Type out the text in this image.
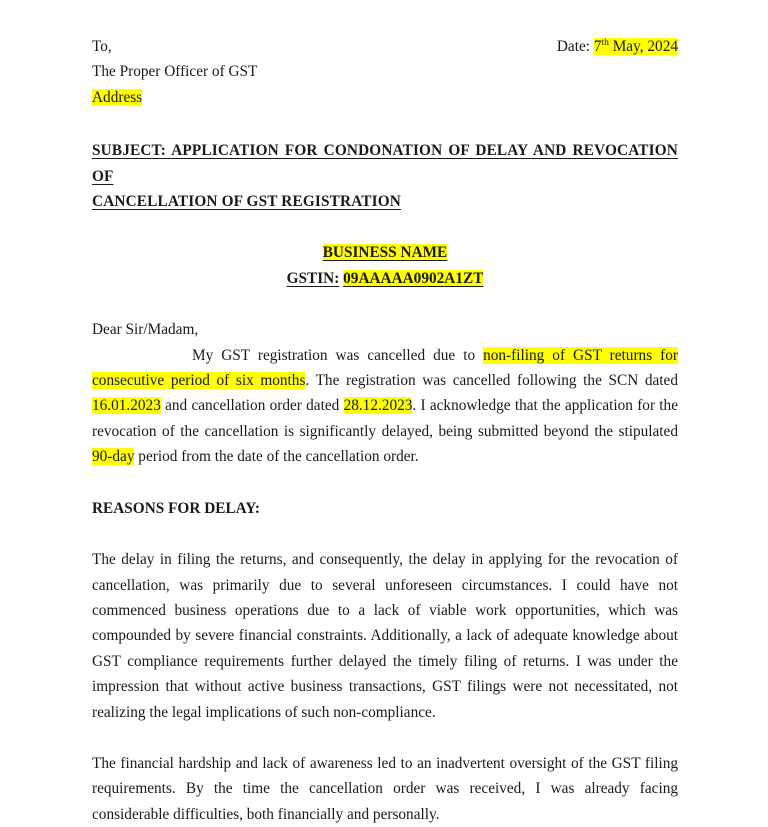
To,	Date: 7th May, 2024
The Proper Officer of GST
Address
SUBJECT: APPLICATION FOR CONDONATION OF DELAY AND REVOCATION OF
CANCELLATION OF GST REGISTRATION
BUSINESS NAME
GSTIN: 09AAAAA0902A1ZT
Dear Sir/Madam,

My GST registration was cancelled due to non-filing of GST returns for consecutive period of six months. The registration was cancelled following the SCN dated 16.01.2023 and cancellation order dated 28.12.2023. I acknowledge that the application for the revocation of the cancellation is significantly delayed, being submitted beyond the stipulated 90-day period from the date of the cancellation order.

REASONS FOR DELAY:

The delay in filing the returns, and consequently, the delay in applying for the revocation of cancellation, was primarily due to several unforeseen circumstances. I could have not commenced business operations due to a lack of viable work opportunities, which was compounded by severe financial constraints. Additionally, a lack of adequate knowledge about GST compliance requirements further delayed the timely filing of returns. I was under the impression that without active business transactions, GST filings were not necessitated, not realizing the legal implications of such non-compliance.

The financial hardship and lack of awareness led to an inadvertent oversight of the GST filing requirements. By the time the cancellation order was received, I was already facing considerable difficulties, both financially and personally.
